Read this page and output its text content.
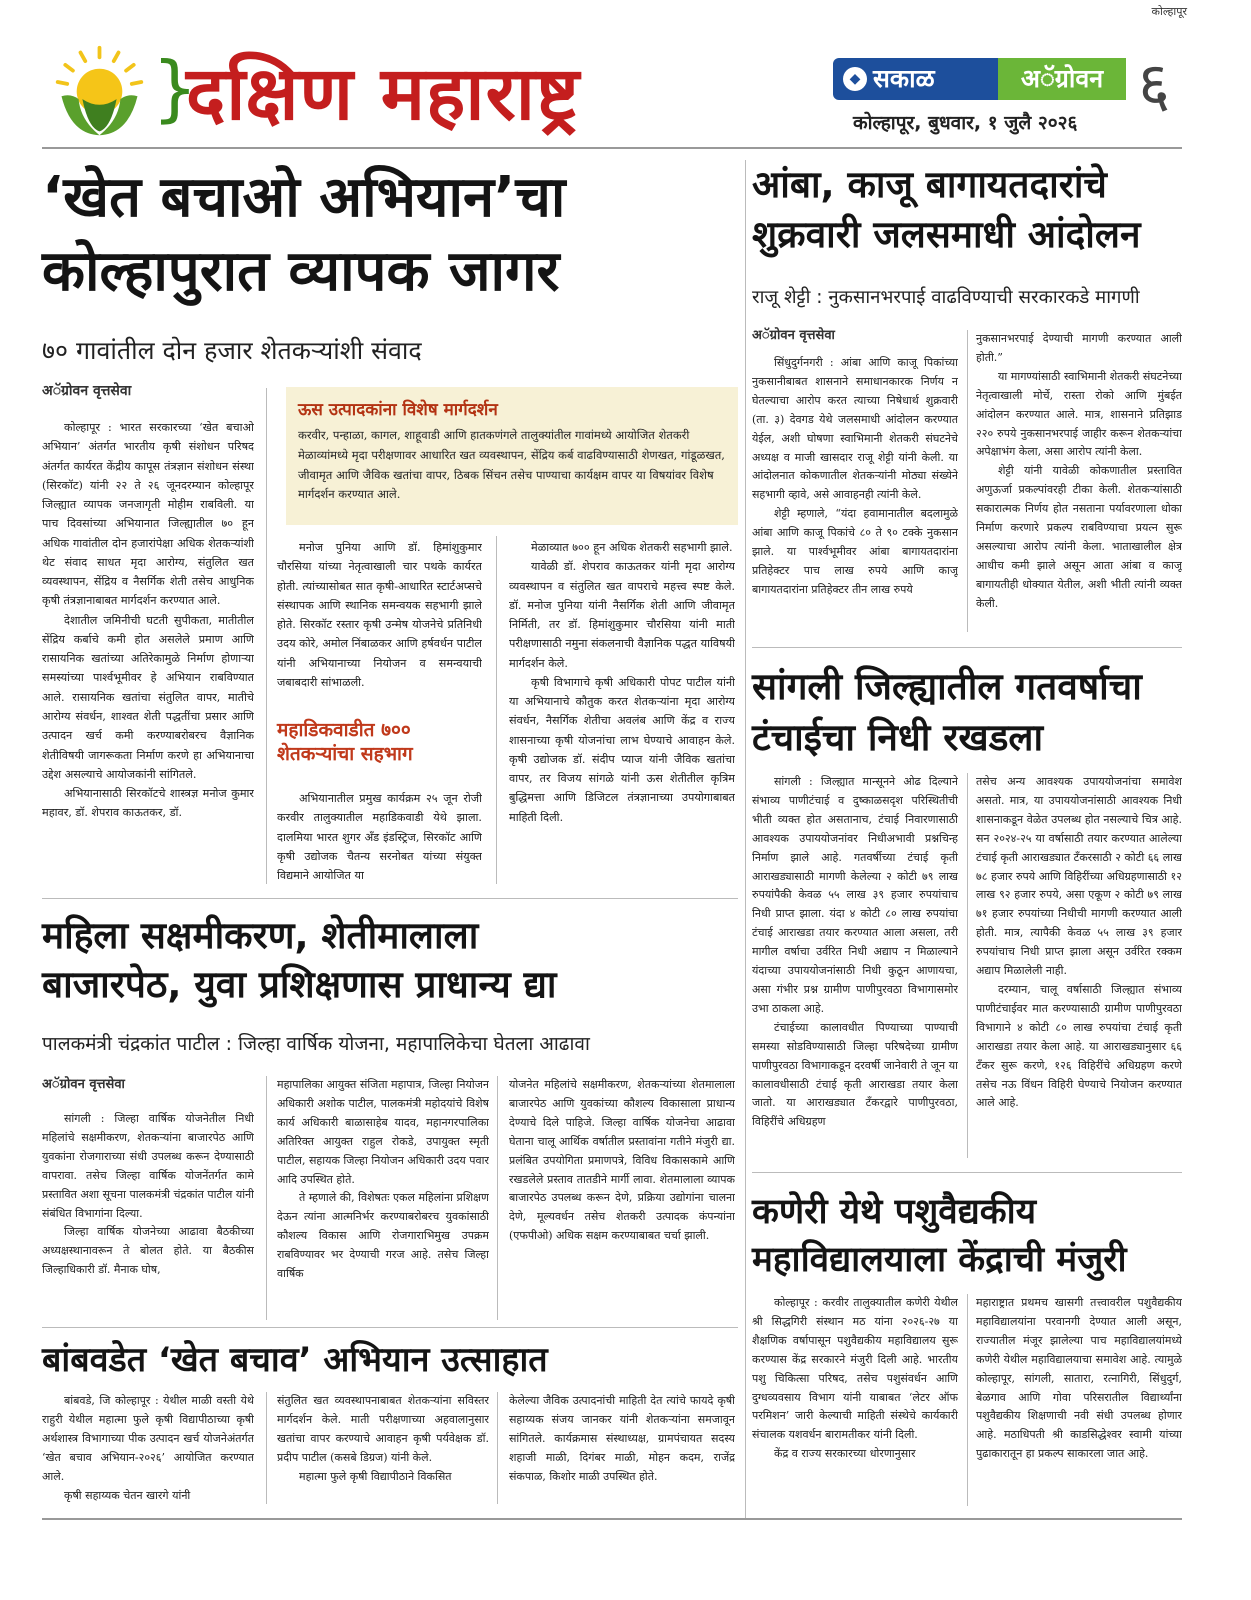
कोल्हापूर
}
दक्षिण महाराष्ट्र	◆ सकाळ	अॅग्रोवन ६
कोल्हापूर, बुधवार, १ जुलै २०२६
‘खेत बचाओ अभियान’चा
कोल्हापुरात व्यापक जागर
७० गावांतील दोन हजार शेतकऱ्यांशी संवाद
अॅग्रोवन वृत्तसेवा

कोल्हापूर : भारत सरकारच्या ‘खेत बचाओ अभियान’ अंतर्गत भारतीय कृषी संशोधन परिषद अंतर्गत कार्यरत केंद्रीय कापूस तंत्रज्ञान संशोधन संस्था (सिरकॉट) यांनी २२ ते २६ जूनदरम्यान कोल्हापूर जिल्ह्यात व्यापक जनजागृती मोहीम राबविली. या पाच दिवसांच्या अभियानात जिल्ह्यातील ७० हून अधिक गावांतील दोन हजारांपेक्षा अधिक शेतकऱ्यांशी थेट संवाद साधत मृदा आरोग्य, संतुलित खत व्यवस्थापन, सेंद्रिय व नैसर्गिक शेती तसेच आधुनिक कृषी तंत्रज्ञानाबाबत मार्गदर्शन करण्यात आले.

देशातील जमिनीची घटती सुपीकता, मातीतील सेंद्रिय कर्बाचे कमी होत असलेले प्रमाण आणि रासायनिक खतांच्या अतिरेकामुळे निर्माण होणाऱ्या समस्यांच्या पार्श्वभूमीवर हे अभियान राबविण्यात आले. रासायनिक खतांचा संतुलित वापर, मातीचे आरोग्य संवर्धन, शाश्वत शेती पद्धतींचा प्रसार आणि उत्पादन खर्च कमी करण्याबरोबरच वैज्ञानिक शेतीविषयी जागरूकता निर्माण करणे हा अभियानाचा उद्देश असल्याचे आयोजकांनी सांगितले.

अभियानासाठी सिरकॉटचे शास्त्रज्ञ मनोज कुमार महावर, डॉ. शेपराव काऊतकर, डॉ.

ऊस उत्पादकांना विशेष मार्गदर्शन
करवीर, पन्हाळा, कागल, शाहूवाडी आणि हातकणंगले तालुक्यांतील गावांमध्ये आयोजित शेतकरी मेळाव्यांमध्ये मृदा परीक्षणावर आधारित खत व्यवस्थापन, सेंद्रिय कर्ब वाढविण्यासाठी शेणखत, गांडूळखत, जीवामृत आणि जैविक खतांचा वापर, ठिबक सिंचन तसेच पाण्याचा कार्यक्षम वापर या विषयांवर विशेष मार्गदर्शन करण्यात आले.

मनोज पुनिया आणि डॉ. हिमांशुकुमार चौरसिया यांच्या नेतृत्वाखाली चार पथके कार्यरत होती. त्यांच्यासोबत सात कृषी-आधारित स्टार्टअप्सचे संस्थापक आणि स्थानिक समन्वयक सहभागी झाले होते. सिरकॉट रस्तार कृषी उन्मेष योजनेचे प्रतिनिधी उदय कोरे, अमोल निंबाळकर आणि हर्षवर्धन पाटील यांनी अभियानाच्या नियोजन व समन्वयाची जबाबदारी सांभाळली.

महाडिकवाडीत ७०० शेतकऱ्यांचा सहभाग

अभियानातील प्रमुख कार्यक्रम २५ जून रोजी करवीर तालुक्यातील महाडिकवाडी येथे झाला. दालमिया भारत शुगर अँड इंडस्ट्रिज, सिरकॉट आणि कृषी उद्योजक चैतन्य सरनोबत यांच्या संयुक्त विद्यमाने आयोजित या

मेळाव्यात ७०० हून अधिक शेतकरी सहभागी झाले.

यावेळी डॉ. शेपराव काऊतकर यांनी मृदा आरोग्य व्यवस्थापन व संतुलित खत वापराचे महत्त्व स्पष्ट केले. डॉ. मनोज पुनिया यांनी नैसर्गिक शेती आणि जीवामृत निर्मिती, तर डॉ. हिमांशुकुमार चौरसिया यांनी माती परीक्षणासाठी नमुना संकलनाची वैज्ञानिक पद्धत याविषयी मार्गदर्शन केले.

कृषी विभागाचे कृषी अधिकारी पोपट पाटील यांनी या अभियानाचे कौतुक करत शेतकऱ्यांना मृदा आरोग्य संवर्धन, नैसर्गिक शेतीचा अवलंब आणि केंद्र व राज्य शासनाच्या कृषी योजनांचा लाभ घेण्याचे आवाहन केले. कृषी उद्योजक डॉ. संदीप प्याज यांनी जैविक खतांचा वापर, तर विजय सांगळे यांनी ऊस शेतीतील कृत्रिम बुद्धिमत्ता आणि डिजिटल तंत्रज्ञानाच्या उपयोगाबाबत माहिती दिली.

आंबा, काजू बागायतदारांचे
शुक्रवारी जलसमाधी आंदोलन
राजू शेट्टी : नुकसानभरपाई वाढविण्याची सरकारकडे मागणी
अॅग्रोवन वृत्तसेवा

सिंधुदुर्गनगरी : आंबा आणि काजू पिकांच्या नुकसानीबाबत शासनाने समाधानकारक निर्णय न घेतल्याचा आरोप करत त्याच्या निषेधार्थ शुक्रवारी (ता. ३) देवगड येथे जलसमाधी आंदोलन करण्यात येईल, अशी घोषणा स्वाभिमानी शेतकरी संघटनेचे अध्यक्ष व माजी खासदार राजू शेट्टी यांनी केली. या आंदोलनात कोकणातील शेतकऱ्यांनी मोठ्या संख्येने सहभागी व्हावे, असे आवाहनही त्यांनी केले.

शेट्टी म्हणाले, “यंदा हवामानातील बदलामुळे आंबा आणि काजू पिकांचे ८० ते ९० टक्के नुकसान झाले. या पार्श्वभूमीवर आंबा बागायतदारांना प्रतिहेक्टर पाच लाख रुपये आणि काजू बागायतदारांना प्रतिहेक्टर तीन लाख रुपये

नुकसानभरपाई देण्याची मागणी करण्यात आली होती.”

या मागण्यांसाठी स्वाभिमानी शेतकरी संघटनेच्या नेतृत्वाखाली मोर्चे, रास्ता रोको आणि मुंबईत आंदोलन करण्यात आले. मात्र, शासनाने प्रतिझाड २२० रुपये नुकसानभरपाई जाहीर करून शेतकऱ्यांचा अपेक्षाभंग केला, असा आरोप त्यांनी केला.

शेट्टी यांनी यावेळी कोकणातील प्रस्तावित अणुऊर्जा प्रकल्पांवरही टीका केली. शेतकऱ्यांसाठी सकारात्मक निर्णय होत नसताना पर्यावरणाला धोका निर्माण करणारे प्रकल्प राबविण्याचा प्रयत्न सुरू असल्याचा आरोप त्यांनी केला. भाताखालील क्षेत्र आधीच कमी झाले असून आता आंबा व काजू बागायतीही धोक्यात येतील, अशी भीती त्यांनी व्यक्त केली.

सांगली जिल्ह्यातील गतवर्षाचा
टंचाईचा निधी रखडला

सांगली : जिल्ह्यात मान्सूनने ओढ दिल्याने संभाव्य पाणीटंचाई व दुष्काळसदृश परिस्थितीची भीती व्यक्त होत असतानाच, टंचाई निवारणासाठी आवश्यक उपाययोजनांवर निधीअभावी प्रश्नचिन्ह निर्माण झाले आहे. गतवर्षीच्या टंचाई कृती आराखड्यासाठी मागणी केलेल्या २ कोटी ७९ लाख रुपयांपैकी केवळ ५५ लाख ३९ हजार रुपयांचाच निधी प्राप्त झाला. यंदा ४ कोटी ८० लाख रुपयांचा टंचाई आराखडा तयार करण्यात आला असला, तरी मागील वर्षाचा उर्वरित निधी अद्याप न मिळाल्याने यंदाच्या उपाययोजनांसाठी निधी कुठून आणायचा, असा गंभीर प्रश्न ग्रामीण पाणीपुरवठा विभागासमोर उभा ठाकला आहे.

टंचाईच्या कालावधीत पिण्याच्या पाण्याची समस्या सोडविण्यासाठी जिल्हा परिषदेच्या ग्रामीण पाणीपुरवठा विभागाकडून दरवर्षी जानेवारी ते जून या कालावधीसाठी टंचाई कृती आराखडा तयार केला जातो. या आराखड्यात टँकरद्वारे पाणीपुरवठा, विहिरींचे अधिग्रहण

तसेच अन्य आवश्यक उपाययोजनांचा समावेश असतो. मात्र, या उपाययोजनांसाठी आवश्यक निधी शासनाकडून वेळेत उपलब्ध होत नसल्याचे चित्र आहे. सन २०२४-२५ या वर्षासाठी तयार करण्यात आलेल्या टंचाई कृती आराखड्यात टँकरसाठी २ कोटी ६६ लाख ७८ हजार रुपये आणि विहिरींच्या अधिग्रहणासाठी १२ लाख ९२ हजार रुपये, असा एकूण २ कोटी ७९ लाख ७१ हजार रुपयांच्या निधीची मागणी करण्यात आली होती. मात्र, त्यापैकी केवळ ५५ लाख ३९ हजार रुपयांचाच निधी प्राप्त झाला असून उर्वरित रक्कम अद्याप मिळालेली नाही.

दरम्यान, चालू वर्षासाठी जिल्ह्यात संभाव्य पाणीटंचाईवर मात करण्यासाठी ग्रामीण पाणीपुरवठा विभागाने ४ कोटी ८० लाख रुपयांचा टंचाई कृती आराखडा तयार केला आहे. या आराखड्यानुसार ६६ टँकर सुरू करणे, १२६ विहिरींचे अधिग्रहण करणे तसेच नऊ विंधन विहिरी घेण्याचे नियोजन करण्यात आले आहे.

महिला सक्षमीकरण, शेतीमालाला
बाजारपेठ, युवा प्रशिक्षणास प्राधान्य द्या
पालकमंत्री चंद्रकांत पाटील : जिल्हा वार्षिक योजना, महापालिकेचा घेतला आढावा
अॅग्रोवन वृत्तसेवा

सांगली : जिल्हा वार्षिक योजनेतील निधी महिलांचे सक्षमीकरण, शेतकऱ्यांना बाजारपेठ आणि युवकांना रोजगाराच्या संधी उपलब्ध करून देण्यासाठी वापरावा. तसेच जिल्हा वार्षिक योजनेंतर्गत कामे प्रस्तावित अशा सूचना पालकमंत्री चंद्रकांत पाटील यांनी संबंधित विभागांना दिल्या.

जिल्हा वार्षिक योजनेच्या आढावा बैठकीच्या अध्यक्षस्थानावरून ते बोलत होते. या बैठकीस जिल्हाधिकारी डॉ. मैनाक घोष,

महापालिका आयुक्त संजिता महापात्र, जिल्हा नियोजन अधिकारी अशोक पाटील, पालकमंत्री महोदयांचे विशेष कार्य अधिकारी बाळासाहेब यादव, महानगरपालिका अतिरिक्त आयुक्त राहुल रोकडे, उपायुक्त स्मृती पाटील, सहायक जिल्हा नियोजन अधिकारी उदय पवार आदि उपस्थित होते.

ते म्हणाले की, विशेषतः एकल महिलांना प्रशिक्षण देऊन त्यांना आत्मनिर्भर करण्याबरोबरच युवकांसाठी कौशल्य विकास आणि रोजगाराभिमुख उपक्रम राबविण्यावर भर देण्याची गरज आहे. तसेच जिल्हा वार्षिक

योजनेत महिलांचे सक्षमीकरण, शेतकऱ्यांच्या शेतमालाला बाजारपेठ आणि युवकांच्या कौशल्य विकासाला प्राधान्य देण्याचे दिले पाहिजे. जिल्हा वार्षिक योजनेचा आढावा घेताना चालू आर्थिक वर्षातील प्रस्तावांना गतीने मंजुरी द्या. प्रलंबित उपयोगिता प्रमाणपत्रे, विविध विकासकामे आणि रखडलेले प्रस्ताव तातडीने मार्गी लावा. शेतमालाला व्यापक बाजारपेठ उपलब्ध करून देणे, प्रक्रिया उद्योगांना चालना देणे, मूल्यवर्धन तसेच शेतकरी उत्पादक कंपन्यांना (एफपीओ) अधिक सक्षम करण्याबाबत चर्चा झाली.

बांबवडेत ‘खेत बचाव’ अभियान उत्साहात

बांबवडे, जि कोल्हापूर : येथील माळी वस्ती येथे राहुरी येथील महात्मा फुले कृषी विद्यापीठाच्या कृषी अर्थशास्त्र विभागाच्या पीक उत्पादन खर्च योजनेअंतर्गत ‘खेत बचाव अभियान-२०२६’ आयोजित करण्यात आले.

कृषी सहाय्यक चेतन खारगे यांनी

संतुलित खत व्यवस्थापनाबाबत शेतकऱ्यांना सविस्तर मार्गदर्शन केले. माती परीक्षणाच्या अहवालानुसार खतांचा वापर करण्याचे आवाहन कृषी पर्यवेक्षक डॉ. प्रदीप पाटील (कसबे डिग्रज) यांनी केले.

महात्मा फुले कृषी विद्यापीठाने विकसित

केलेल्या जैविक उत्पादनांची माहिती देत त्यांचे फायदे कृषी सहाय्यक संजय जानकर यांनी शेतकऱ्यांना समजावून सांगितले. कार्यक्रमास संस्थाध्यक्ष, ग्रामपंचायत सदस्य शहाजी माळी, दिगंबर माळी, मोहन कदम, राजेंद्र संकपाळ, किशोर माळी उपस्थित होते.

कणेरी येथे पशुवैद्यकीय
महाविद्यालयाला केंद्राची मंजुरी

कोल्हापूर : करवीर तालुक्यातील कणेरी येथील श्री सिद्धगिरी संस्थान मठ यांना २०२६-२७ या शैक्षणिक वर्षापासून पशुवैद्यकीय महाविद्यालय सुरू करण्यास केंद्र सरकारने मंजुरी दिली आहे. भारतीय पशु चिकित्सा परिषद, तसेच पशुसंवर्धन आणि दुग्धव्यवसाय विभाग यांनी याबाबत ‘लेटर ऑफ परमिशन’ जारी केल्याची माहिती संस्थेचे कार्यकारी संचालक यशवर्धन बारामतीकर यांनी दिली.

केंद्र व राज्य सरकारच्या धोरणानुसार

महाराष्ट्रात प्रथमच खासगी तत्त्वावरील पशुवैद्यकीय महाविद्यालयांना परवानगी देण्यात आली असून, राज्यातील मंजूर झालेल्या पाच महाविद्यालयांमध्ये कणेरी येथील महाविद्यालयाचा समावेश आहे. त्यामुळे कोल्हापूर, सांगली, सातारा, रत्नागिरी, सिंधुदुर्ग, बेळगाव आणि गोवा परिसरातील विद्यार्थ्यांना पशुवैद्यकीय शिक्षणाची नवी संधी उपलब्ध होणार आहे. मठाधिपती श्री काडसिद्धेश्वर स्वामी यांच्या पुढाकारातून हा प्रकल्प साकारला जात आहे.
